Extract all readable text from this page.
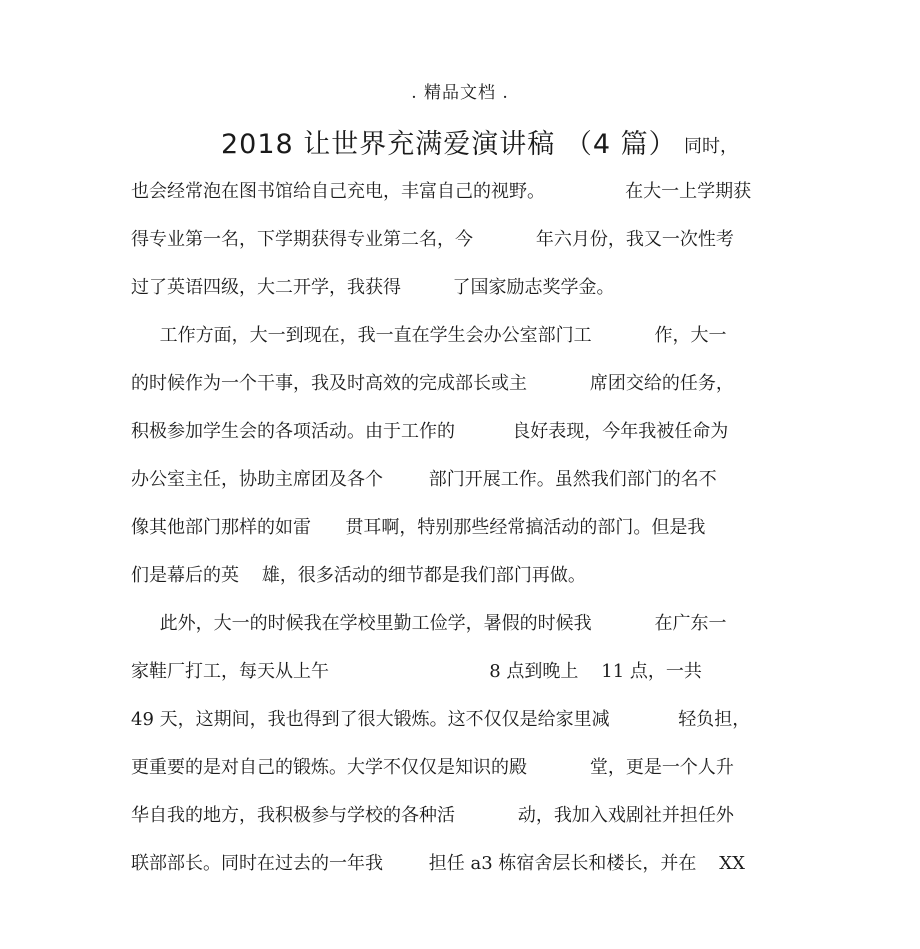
. 精品文档 .
2018 让世界充满爱演讲稿 （4 篇） 同时，
也会经常泡在图书馆给自己充电，丰富自己的视野。              在大一上学期获
得专业第一名，下学期获得专业第二名，今           年六月份，我又一次性考
过了英语四级，大二开学，我获得         了国家励志奖学金。
工作方面，大一到现在，我一直在学生会办公室部门工           作，大一
的时候作为一个干事，我及时高效的完成部长或主           席团交给的任务，
积极参加学生会的各项活动。由于工作的          良好表现，今年我被任命为
办公室主任，协助主席团及各个        部门开展工作。虽然我们部门的名不
像其他部门那样的如雷      贯耳啊，特别那些经常搞活动的部门。但是我
们是幕后的英    雄，很多活动的细节都是我们部门再做。
此外，大一的时候我在学校里勤工俭学，暑假的时候我           在广东一
家鞋厂打工，每天从上午                            8 点到晚上    11 点，一共
49 天，这期间，我也得到了很大锻炼。这不仅仅是给家里减            轻负担，
更重要的是对自己的锻炼。大学不仅仅是知识的殿           堂，更是一个人升
华自我的地方，我积极参与学校的各种活           动，我加入戏剧社并担任外
联部部长。同时在过去的一年我        担任 a3 栋宿舍层长和楼长，并在    XX
